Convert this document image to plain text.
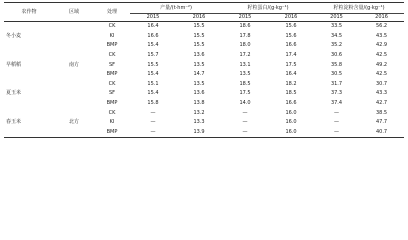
农作物	区域	处理	产量/(t·hm⁻²)		籽粒蛋白/(g·kg⁻¹)		籽粒淀粉含量/(g·kg⁻¹)	
			2015	2016	2015	2016	2015	2016
冬小麦		CK	16.4	15.5	18.6	15.6	33.5	56.2
		KI	16.6	15.5	17.8	15.6	34.5	43.5
		BMP	15.4	15.5	18.0	16.6	35.2	42.9
早稻稻	南方	CK	15.7	13.6	17.2	17.4	30.6	42.5
		SF	15.5	13.5	13.1	17.5	35.8	49.2
		BMP	15.4	14.7	13.5	16.4	30.5	42.5
夏玉米		CK	15.1	13.5	18.5	18.2	31.7	30.7
		SF	15.4	13.6	17.5	18.5	37.3	43.3
		BMP	15.8	13.8	14.0	16.6	37.4	42.7
春玉米	北方	CK	—	13.2	—	16.0	—	38.5
		KI	—	13.3	—	16.0	—	47.7
		BMP	—	13.9	—	16.0	—	40.7
